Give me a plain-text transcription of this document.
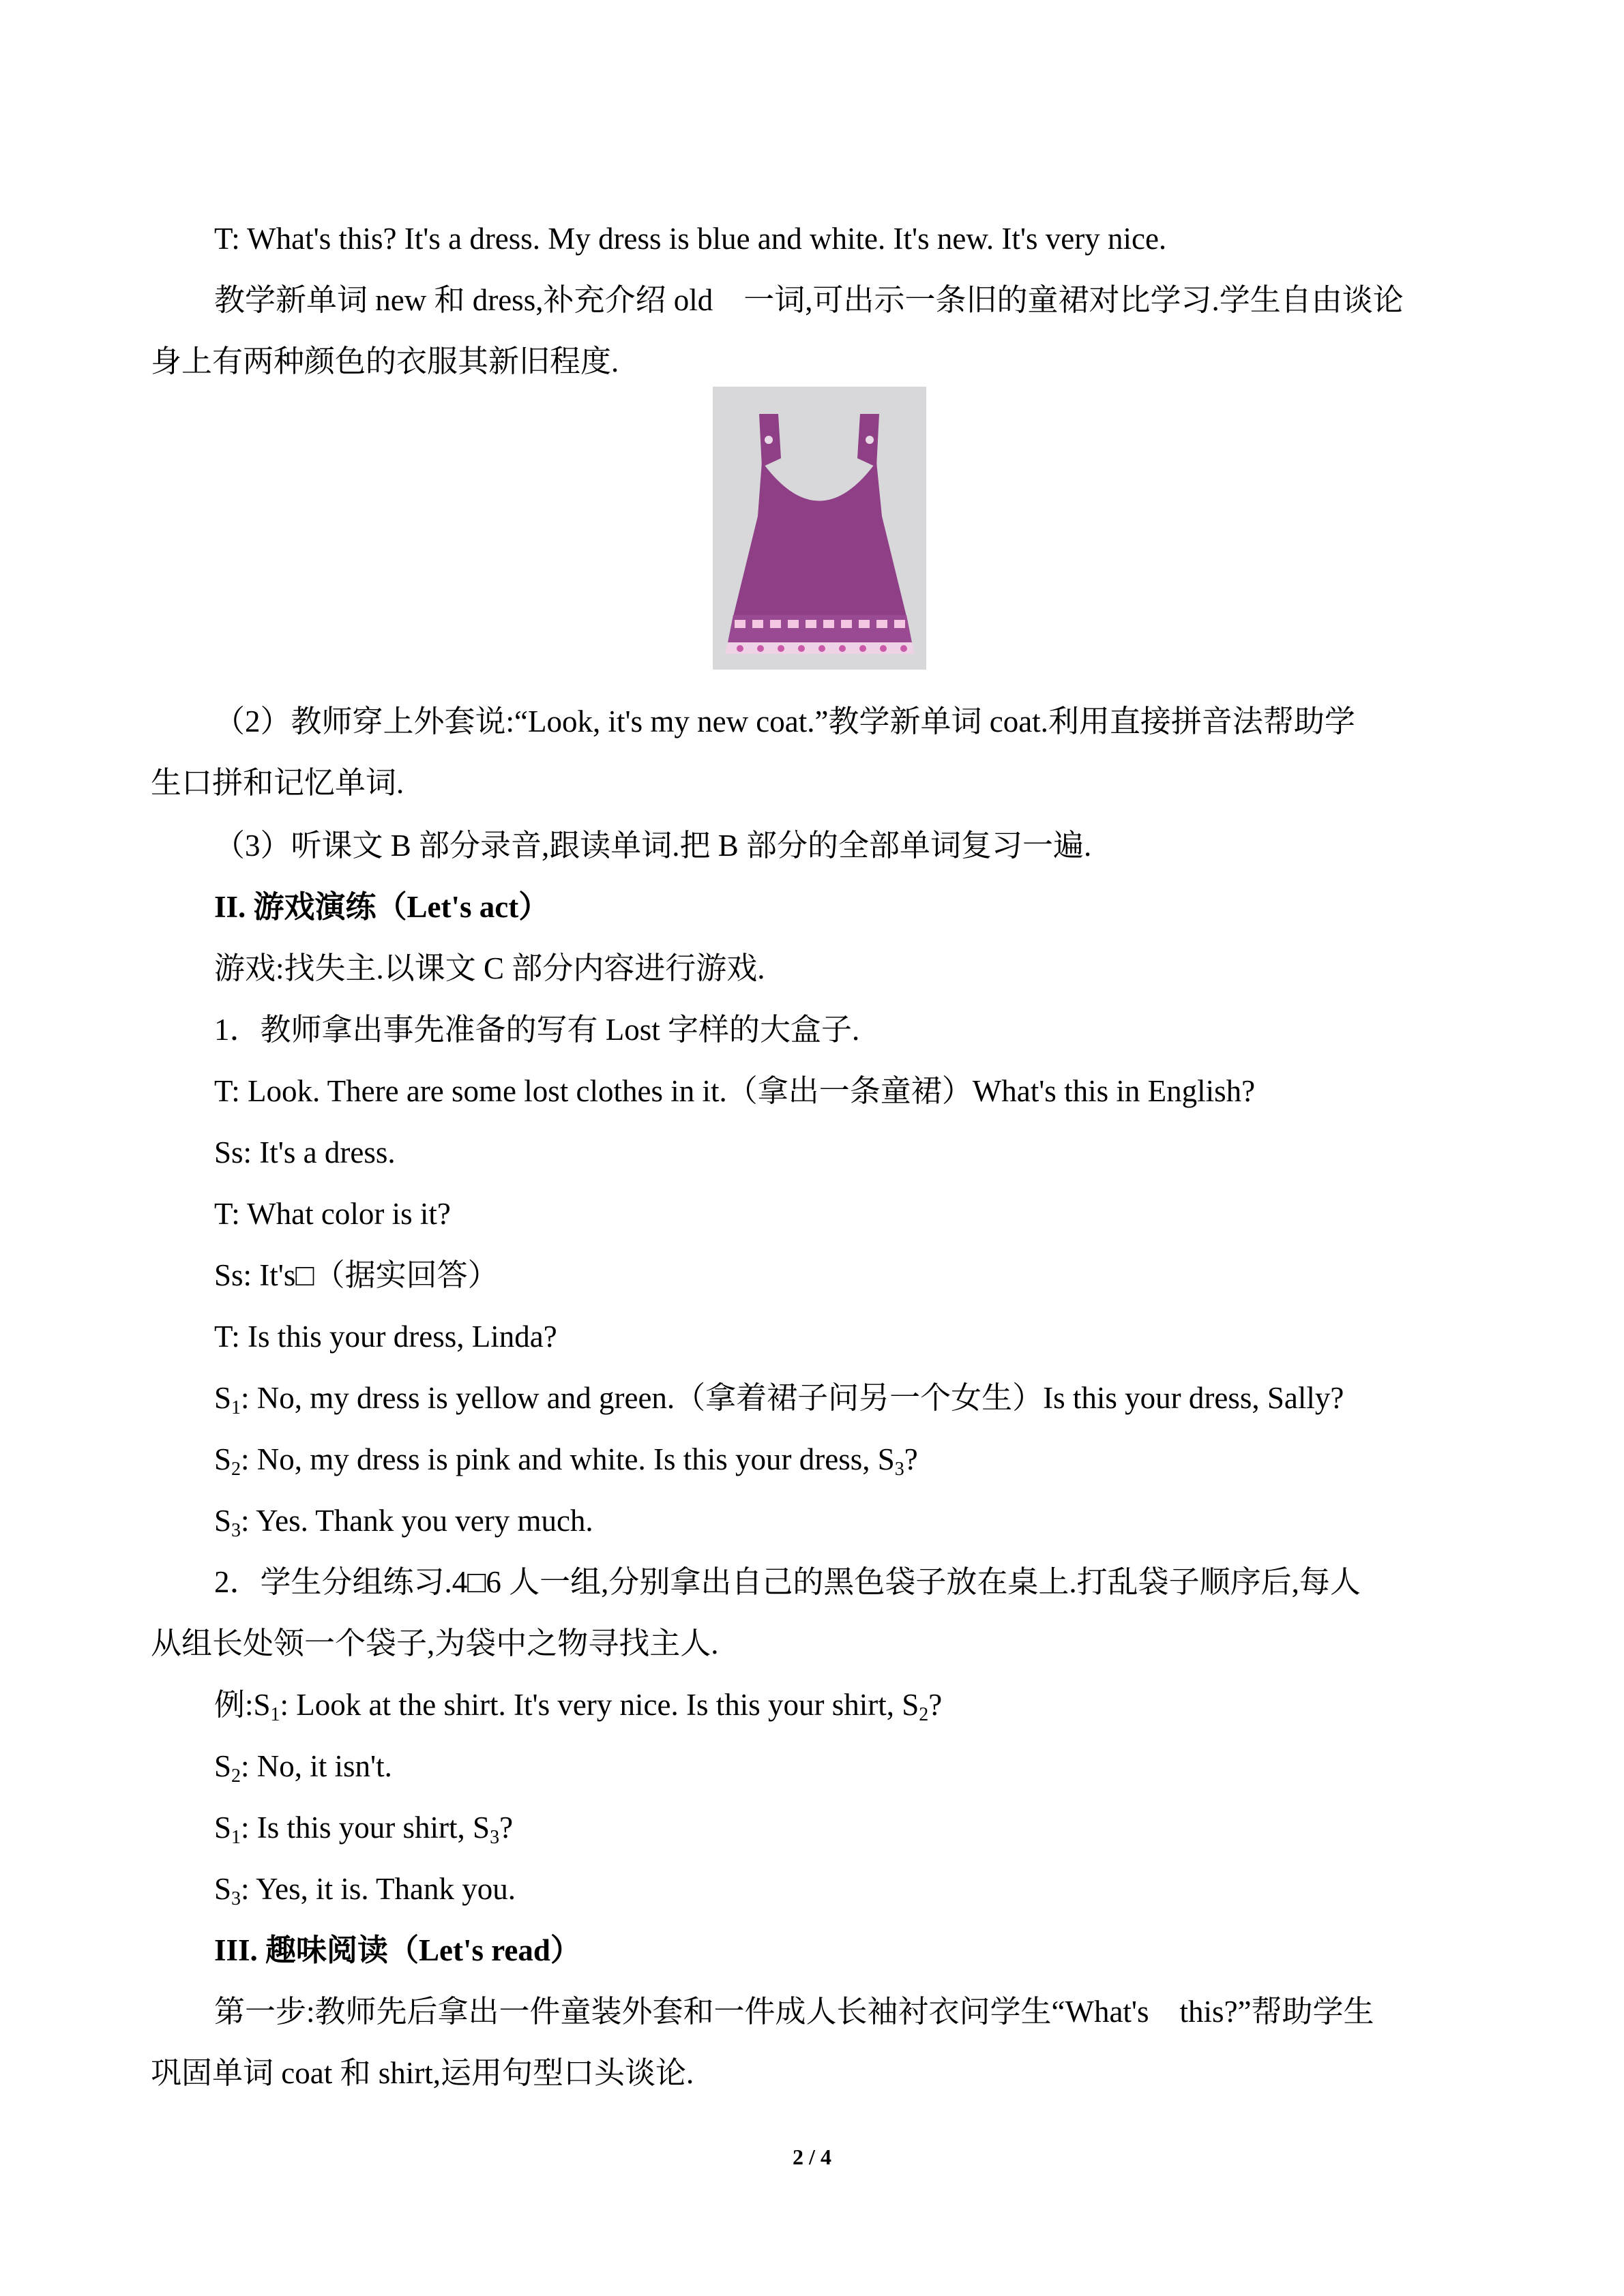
T: What's this? It's a dress. My dress is blue and white. It's new. It's very nice.
教学新单词 new 和 dress,补充介绍 old　一词,可出示一条旧的童裙对比学习.学生自由谈论
身上有两种颜色的衣服其新旧程度.
（2）教师穿上外套说:“Look, it's my new coat.”教学新单词 coat.利用直接拼音法帮助学
生口拼和记忆单词.
（3）听课文 B 部分录音,跟读单词.把 B 部分的全部单词复习一遍.
II. 游戏演练（Let's act）
游戏:找失主.以课文 C 部分内容进行游戏.
1．教师拿出事先准备的写有 Lost 字样的大盒子.
T: Look. There are some lost clothes in it.（拿出一条童裙）What's this in English?
Ss: It's a dress.
T: What color is it?
Ss: It's□（据实回答）
T: Is this your dress, Linda?
$S_1$: No, my dress is yellow and green.（拿着裙子问另一个女生）Is this your dress, Sally?
$S_2$: No, my dress is pink and white. Is this your dress, $S_3$?
$S_3$: Yes. Thank you very much.
2．学生分组练习.4□6 人一组,分别拿出自己的黑色袋子放在桌上.打乱袋子顺序后,每人
从组长处领一个袋子,为袋中之物寻找主人.
例$:S_1$: Look at the shirt. It's very nice. Is this your shirt, $S_2$?
$S_2$: No, it isn't.
$S_1$: Is this your shirt, $S_3$?
$S_3$: Yes, it is. Thank you.
III. 趣味阅读（Let's read）
第一步:教师先后拿出一件童装外套和一件成人长袖衬衣问学生“What's　this?”帮助学生
巩固单词 coat 和 shirt,运用句型口头谈论.
2 / 4
